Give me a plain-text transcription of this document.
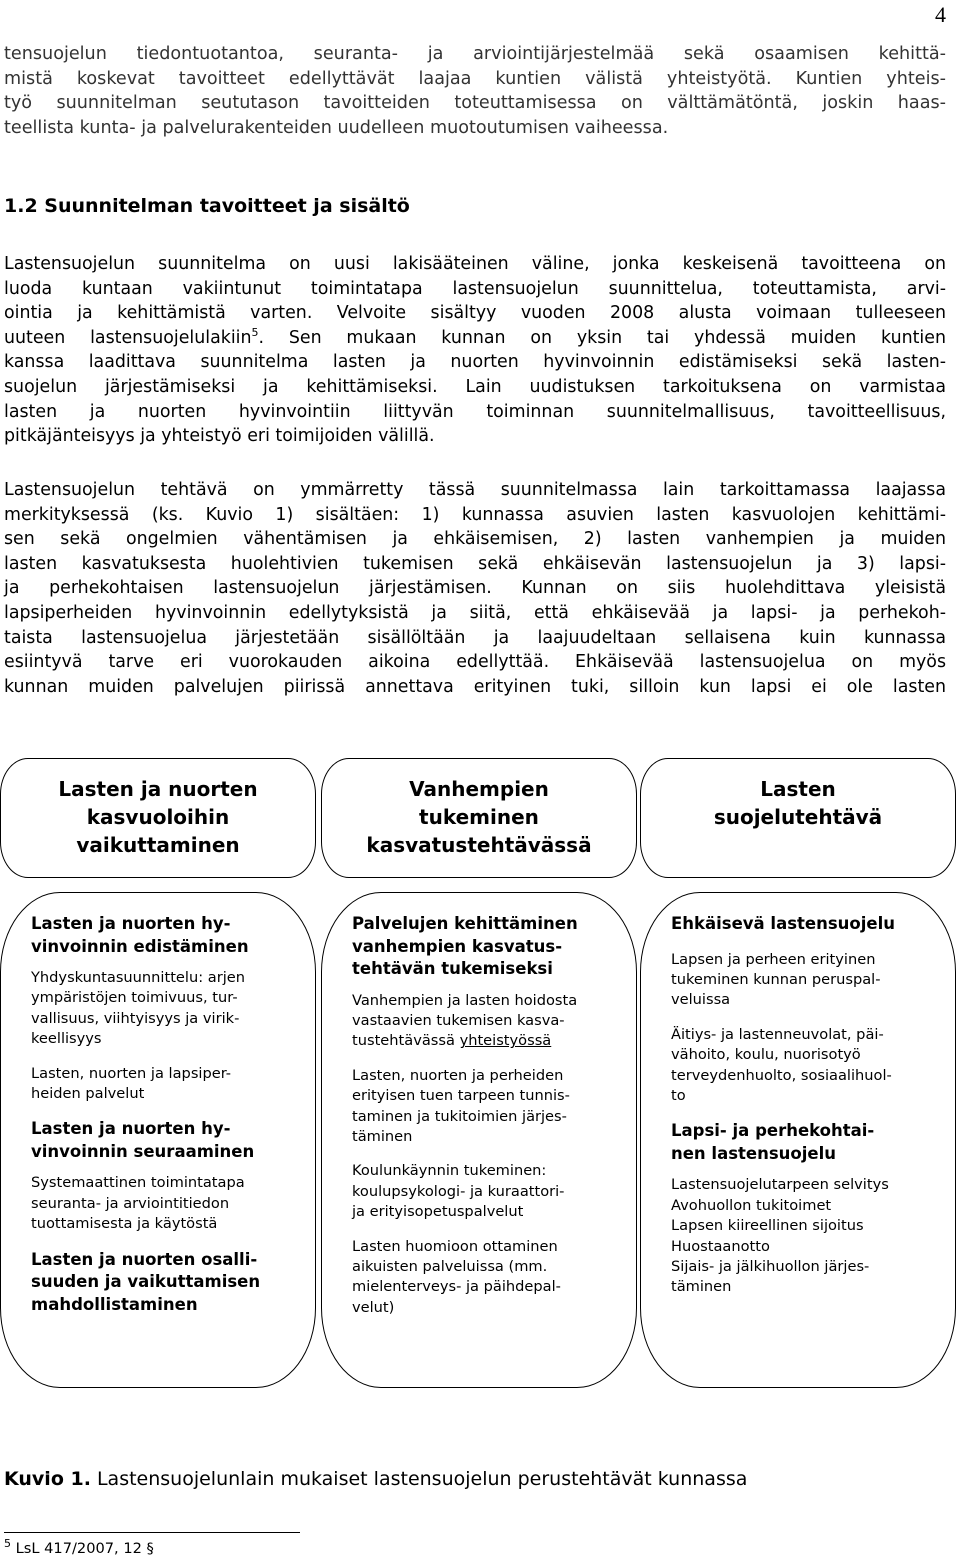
4
tensuojelun tiedontuotantoa, seuranta- ja arviointijärjestelmää sekä osaamisen kehittä-
mistä koskevat tavoitteet edellyttävät laajaa kuntien välistä yhteistyötä. Kuntien yhteis-
työ suunnitelman seututason tavoitteiden toteuttamisessa on välttämätöntä, joskin haas-
teellista kunta- ja palvelurakenteiden uudelleen muotoutumisen vaiheessa.
1.2 Suunnitelman tavoitteet ja sisältö
Lastensuojelun suunnitelma on uusi lakisääteinen väline, jonka keskeisenä tavoitteena on
luoda kuntaan vakiintunut toimintatapa lastensuojelun suunnittelua, toteuttamista, arvi-
ointia ja kehittämistä varten. Velvoite sisältyy vuoden 2008 alusta voimaan tulleeseen
uuteen lastensuojelulakiin$^5$. Sen mukaan kunnan on yksin tai yhdessä muiden kuntien
kanssa laadittava suunnitelma lasten ja nuorten hyvinvoinnin edistämiseksi sekä lasten-
suojelun järjestämiseksi ja kehittämiseksi. Lain uudistuksen tarkoituksena on varmistaa
lasten ja nuorten hyvinvointiin liittyvän toiminnan suunnitelmallisuus, tavoitteellisuus,
pitkäjänteisyys ja yhteistyö eri toimijoiden välillä.
Lastensuojelun tehtävä on ymmärretty tässä suunnitelmassa lain tarkoittamassa laajassa
merkityksessä (ks. Kuvio 1) sisältäen: 1) kunnassa asuvien lasten kasvuolojen kehittämi-
sen sekä ongelmien vähentämisen ja ehkäisemisen, 2) lasten vanhempien ja muiden
lasten kasvatuksesta huolehtivien tukemisen sekä ehkäisevän lastensuojelun ja 3) lapsi-
ja perhekohtaisen lastensuojelun järjestämisen. Kunnan on siis huolehdittava yleisistä
lapsiperheiden hyvinvoinnin edellytyksistä ja siitä, että ehkäisevää ja lapsi- ja perhekoh-
taista lastensuojelua järjestetään sisällöltään ja laajuudeltaan sellaisena kuin kunnassa
esiintyvä tarve eri vuorokauden aikoina edellyttää. Ehkäisevää lastensuojelua on myös
kunnan muiden palvelujen piirissä annettava erityinen tuki, silloin kun lapsi ei ole lasten
Lasten ja nuorten
kasvuoloihin
vaikuttaminen
Vanhempien
tukeminen
kasvatustehtävässä
Lasten
suojelutehtävä
Lasten ja nuorten hy-
vinvoinnin edistäminen
Yhdyskuntasuunnittelu: arjen
ympäristöjen toimivuus, tur-
vallisuus, viihtyisyys ja virik-
keellisyys
Lasten, nuorten ja lapsiper-
heiden palvelut
Lasten ja nuorten hy-
vinvoinnin seuraaminen
Systemaattinen toimintatapa
seuranta- ja arviointitiedon
tuottamisesta ja käytöstä
Lasten ja nuorten osalli-
suuden ja vaikuttamisen
mahdollistaminen
Palvelujen kehittäminen
vanhempien kasvatus-
tehtävän tukemiseksi
Vanhempien ja lasten hoidosta
vastaavien tukemisen kasva-
tustehtävässä yhteistyössä
Lasten, nuorten ja perheiden
erityisen tuen tarpeen tunnis-
taminen ja tukitoimien järjes-
täminen
Koulunkäynnin tukeminen:
koulupsykologi- ja kuraattori-
ja erityisopetuspalvelut
Lasten huomioon ottaminen
aikuisten palveluissa (mm.
mielenterveys- ja päihdepal-
velut)
Ehkäisevä lastensuojelu
Lapsen ja perheen erityinen
tukeminen kunnan peruspal-
veluissa
Äitiys- ja lastenneuvolat, päi-
vähoito, koulu, nuorisotyö
terveydenhuolto, sosiaalihuol-
to
Lapsi- ja perhekohtai-
nen lastensuojelu
Lastensuojelutarpeen selvitys
Avohuollon tukitoimet
Lapsen kiireellinen sijoitus
Huostaanotto
Sijais- ja jälkihuollon järjes-
täminen

Kuvio 1. Lastensuojelunlain mukaiset lastensuojelun perustehtävät kunnassa

$^5$ LsL 417/2007, 12 §
